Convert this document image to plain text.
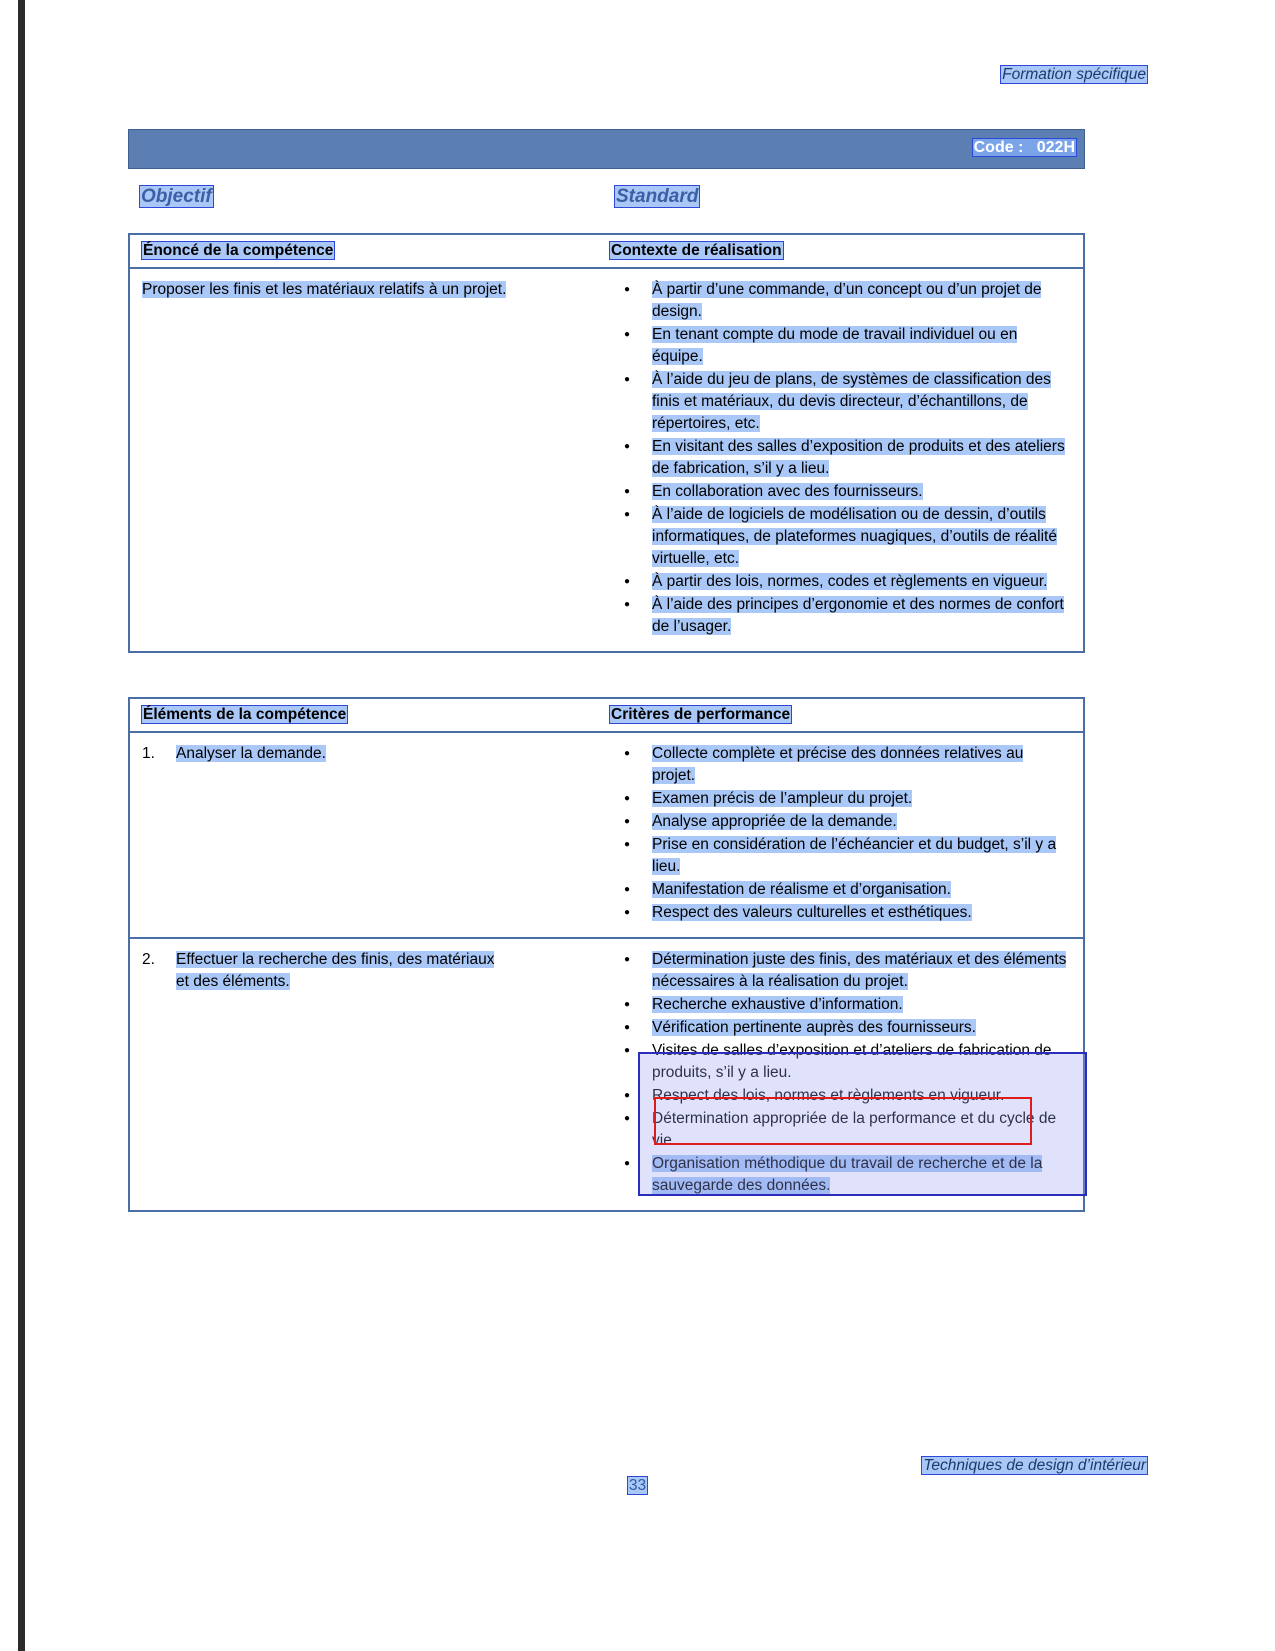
Formation spécifique
Code : 022H
Objectif	Standard
Énoncé de la compétence	Contexte de réalisation
Proposer les finis et les matériaux relatifs à un projet.	● À partir d’une commande, d’un concept ou d’un projet de design.
● En tenant compte du mode de travail individuel ou en équipe.
● À l’aide du jeu de plans, de systèmes de classification des finis et matériaux, du devis directeur, d’échantillons, de répertoires, etc.
● En visitant des salles d’exposition de produits et des ateliers de fabrication, s’il y a lieu.
● En collaboration avec des fournisseurs.
● À l’aide de logiciels de modélisation ou de dessin, d’outils informatiques, de plateformes nuagiques, d’outils de réalité virtuelle, etc.
● À partir des lois, normes, codes et règlements en vigueur.
● À l’aide des principes d’ergonomie et des normes de confort de l’usager.
Éléments de la compétence	Critères de performance
1. Analyser la demande.	● Collecte complète et précise des données relatives au projet.
● Examen précis de l’ampleur du projet.
● Analyse appropriée de la demande.
● Prise en considération de l’échéancier et du budget, s’il y a lieu.
● Manifestation de réalisme et d’organisation.
● Respect des valeurs culturelles et esthétiques.
2. Effectuer la recherche des finis, des matériaux
et des éléments.
● Détermination juste des finis, des matériaux et des éléments nécessaires à la réalisation du projet.
● Recherche exhaustive d’information.
● Vérification pertinente auprès des fournisseurs.
● Visites de salles d’exposition et d’ateliers de fabrication de produits, s’il y a lieu.
● Respect des lois, normes et règlements en vigueur.
● Détermination appropriée de la performance et du cycle de vie.
● Organisation méthodique du travail de recherche et de la sauvegarde des données.
33
Techniques de design d’intérieur
